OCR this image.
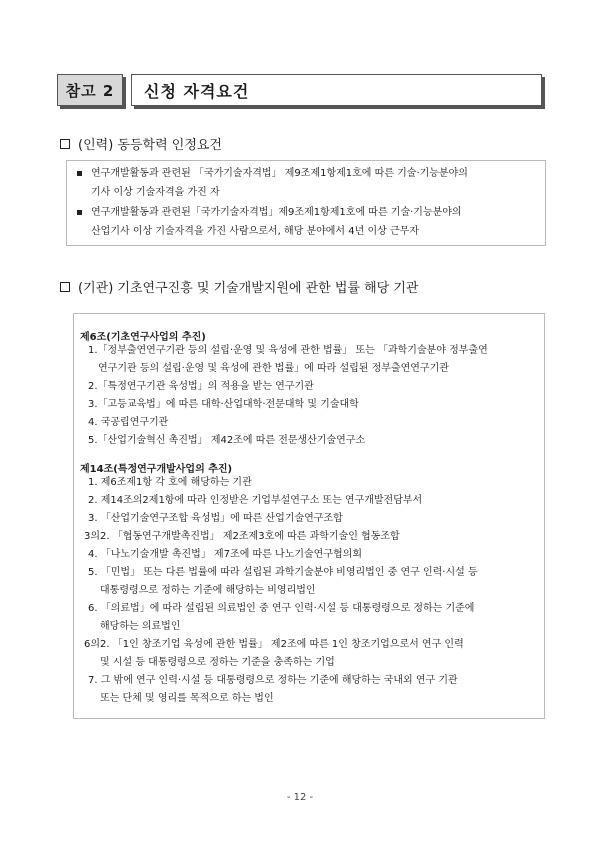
참고 2	신청 자격요건
(인력) 동등학력 인정요건
연구개발활동과 관련된 「국가기술자격법」 제9조제1항제1호에 따른 기술·기능분야의
기사 이상 기술자격을 가진 자
연구개발활동과 관련된「국가기술자격법」제9조제1항제1호에 따른 기술·기능분야의
산업기사 이상 기술자격을 가진 사람으로서, 해당 분야에서 4년 이상 근무자
(기관) 기초연구진흥 및 기술개발지원에 관한 법률 해당 기관
제6조(기초연구사업의 추진)
1.「정부출연연구기관 등의 설립·운영 및 육성에 관한 법률」 또는 「과학기술분야 정부출연
연구기관 등의 설립·운영 및 육성에 관한 법률」에 따라 설립된 정부출연연구기관
2.「특정연구기관 육성법」의 적용을 받는 연구기관
3.「고등교육법」에 따른 대학·산업대학·전문대학 및 기술대학
4. 국공립연구기관
5.「산업기술혁신 촉진법」 제42조에 따른 전문생산기술연구소
제14조(특정연구개발사업의 추진)
1. 제6조제1항 각 호에 해당하는 기관
2. 제14조의2제1항에 따라 인정받은 기업부설연구소 또는 연구개발전담부서
3. 「산업기술연구조합 육성법」에 따른 산업기술연구조합
3의2. 「협동연구개발촉진법」 제2조제3호에 따른 과학기술인 협동조합
4. 「나노기술개발 촉진법」 제7조에 따른 나노기술연구협의회
5. 「민법」 또는 다른 법률에 따라 설립된 과학기술분야 비영리법인 중 연구 인력·시설 등
대통령령으로 정하는 기준에 해당하는 비영리법인
6. 「의료법」에 따라 설립된 의료법인 중 연구 인력·시설 등 대통령령으로 정하는 기준에
해당하는 의료법인
6의2. 「1인 창조기업 육성에 관한 법률」 제2조에 따른 1인 창조기업으로서 연구 인력
및 시설 등 대통령령으로 정하는 기준을 충족하는 기업
7. 그 밖에 연구 인력·시설 등 대통령령으로 정하는 기준에 해당하는 국내외 연구 기관
또는 단체 및 영리를 목적으로 하는 법인
- 12 -
